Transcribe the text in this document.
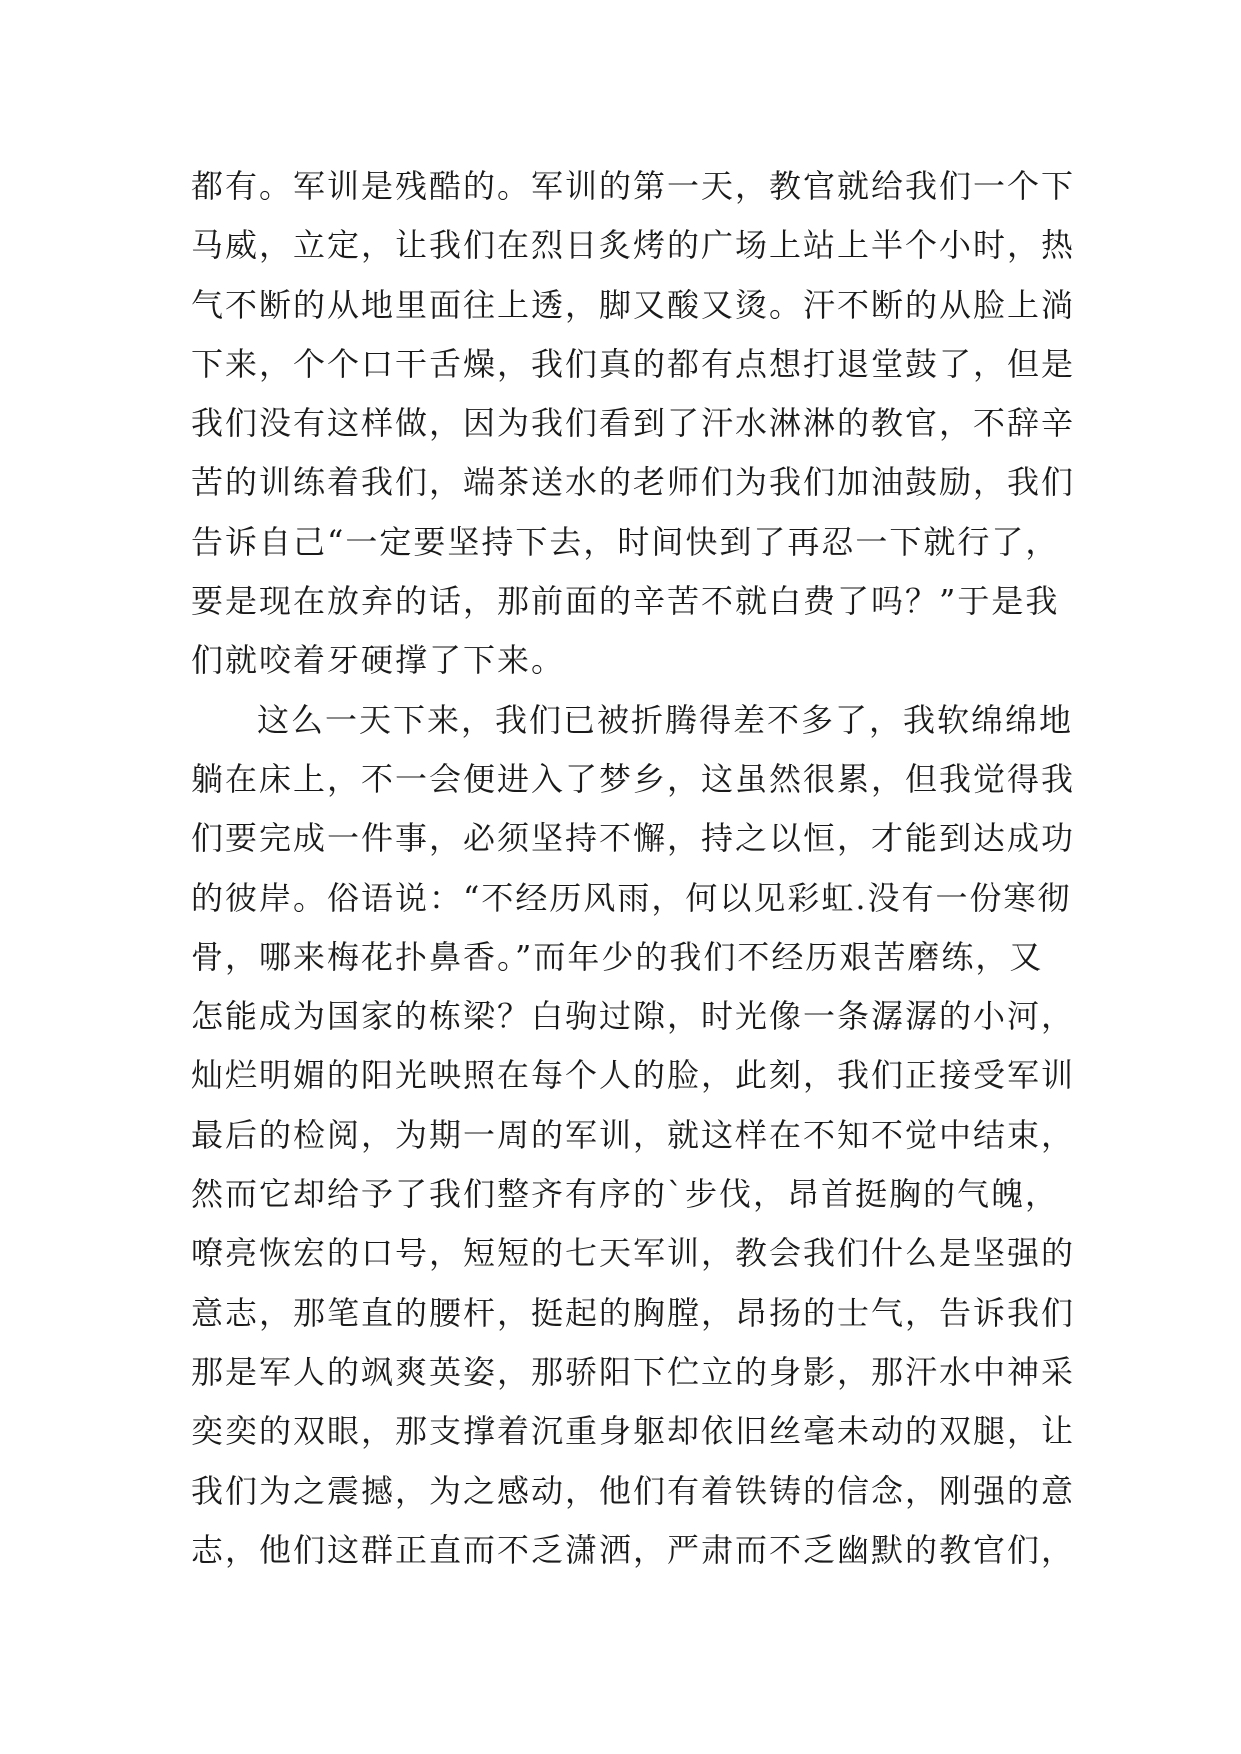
都有。军训是残酷的。军训的第一天，教官就给我们一个下
马威，立定，让我们在烈日炙烤的广场上站上半个小时，热
气不断的从地里面往上透，脚又酸又烫。汗不断的从脸上淌
下来，个个口干舌燥，我们真的都有点想打退堂鼓了，但是
我们没有这样做，因为我们看到了汗水淋淋的教官，不辞辛
苦的训练着我们，端茶送水的老师们为我们加油鼓励，我们
告诉自己“一定要坚持下去，时间快到了再忍一下就行了，
要是现在放弃的话，那前面的辛苦不就白费了吗？”于是我
们就咬着牙硬撑了下来。
这么一天下来，我们已被折腾得差不多了，我软绵绵地
躺在床上，不一会便进入了梦乡，这虽然很累，但我觉得我
们要完成一件事，必须坚持不懈，持之以恒，才能到达成功
的彼岸。俗语说：“不经历风雨，何以见彩虹.没有一份寒彻
骨，哪来梅花扑鼻香。”而年少的我们不经历艰苦磨练，又
怎能成为国家的栋梁？白驹过隙，时光像一条潺潺的小河，
灿烂明媚的阳光映照在每个人的脸，此刻，我们正接受军训
最后的检阅，为期一周的军训，就这样在不知不觉中结束，
然而它却给予了我们整齐有序的`步伐，昂首挺胸的气魄，
嘹亮恢宏的口号，短短的七天军训，教会我们什么是坚强的
意志，那笔直的腰杆，挺起的胸膛，昂扬的士气，告诉我们
那是军人的飒爽英姿，那骄阳下伫立的身影，那汗水中神采
奕奕的双眼，那支撑着沉重身躯却依旧丝毫未动的双腿，让
我们为之震撼，为之感动，他们有着铁铸的信念，刚强的意
志，他们这群正直而不乏潇洒，严肃而不乏幽默的教官们，
